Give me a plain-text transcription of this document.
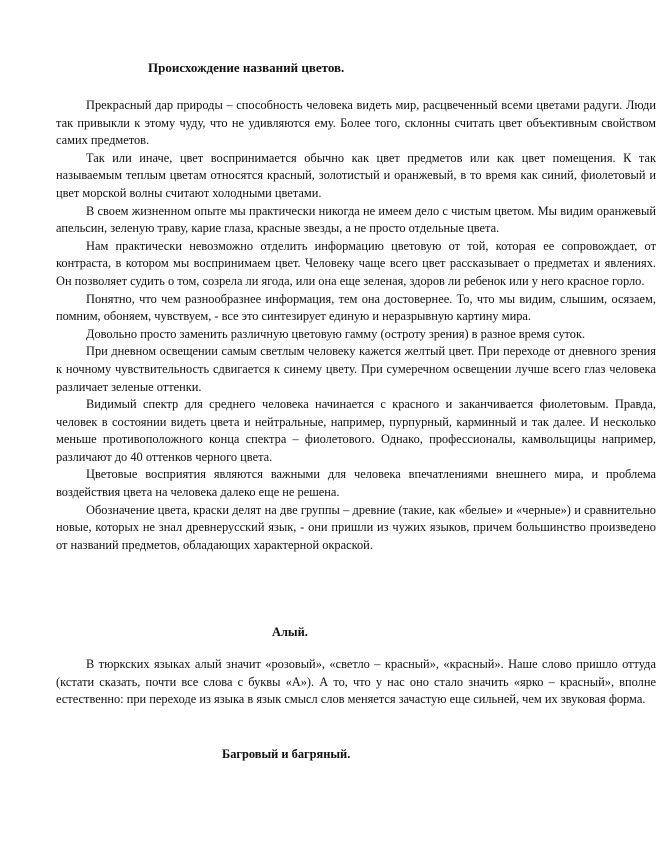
Происхождение названий цветов.

Прекрасный дар природы – способность человека видеть мир, расцвеченный всеми цветами радуги. Люди так привыкли к этому чуду, что не удивляются ему. Более того, склонны считать цвет объективным свойством самих предметов.

Так или иначе, цвет воспринимается обычно как цвет предметов или как цвет помещения. К так называемым теплым цветам относятся красный, золотистый и оранжевый, в то время как синий, фиолетовый и цвет морской волны считают холодными цветами.

В своем жизненном опыте мы практически никогда не имеем дело с чистым цветом. Мы видим оранжевый апельсин, зеленую траву, карие глаза, красные звезды, а не просто отдельные цвета.

Нам практически невозможно отделить информацию цветовую от той, которая ее сопровождает, от контраста, в котором мы воспринимаем цвет. Человеку чаще всего цвет рассказывает о предметах и явлениях. Он позволяет судить о том, созрела ли ягода, или она еще зеленая, здоров ли ребенок или у него красное горло.

Понятно, что чем разнообразнее информация, тем она достовернее. То, что мы видим, слышим, осязаем, помним, обоняем, чувствуем, - все это синтезирует единую и неразрывную картину мира.

Довольно просто заменить различную цветовую гамму (остроту зрения) в разное время суток.

При дневном освещении самым светлым человеку кажется желтый цвет. При переходе от дневного зрения к ночному чувствительность сдвигается к синему цвету. При сумеречном освещении лучше всего глаз человека различает зеленые оттенки.

Видимый спектр для среднего человека начинается с красного и заканчивается фиолетовым. Правда, человек в состоянии видеть цвета и нейтральные, например, пурпурный, карминный и так далее. И несколько меньше противоположного конца спектра – фиолетового. Однако, профессионалы, камвольщицы например, различают до 40 оттенков черного цвета.

Цветовые восприятия являются важными для человека впечатлениями внешнего мира, и проблема воздействия цвета на человека далеко еще не решена.

Обозначение цвета, краски делят на две группы – древние (такие, как «белые» и «черные») и сравнительно новые, которых не знал древнерусский язык, - они пришли из чужих языков, причем большинство произведено от названий предметов, обладающих характерной окраской.

Алый.

В тюркских языках алый значит «розовый», «светло – красный», «красный». Наше слово пришло оттуда (кстати сказать, почти все слова с буквы «А»). А то, что у нас оно стало значить «ярко – красный», вполне естественно: при переходе из языка в язык смысл слов меняется зачастую еще сильней, чем их звуковая форма.

Багровый и багряный.
